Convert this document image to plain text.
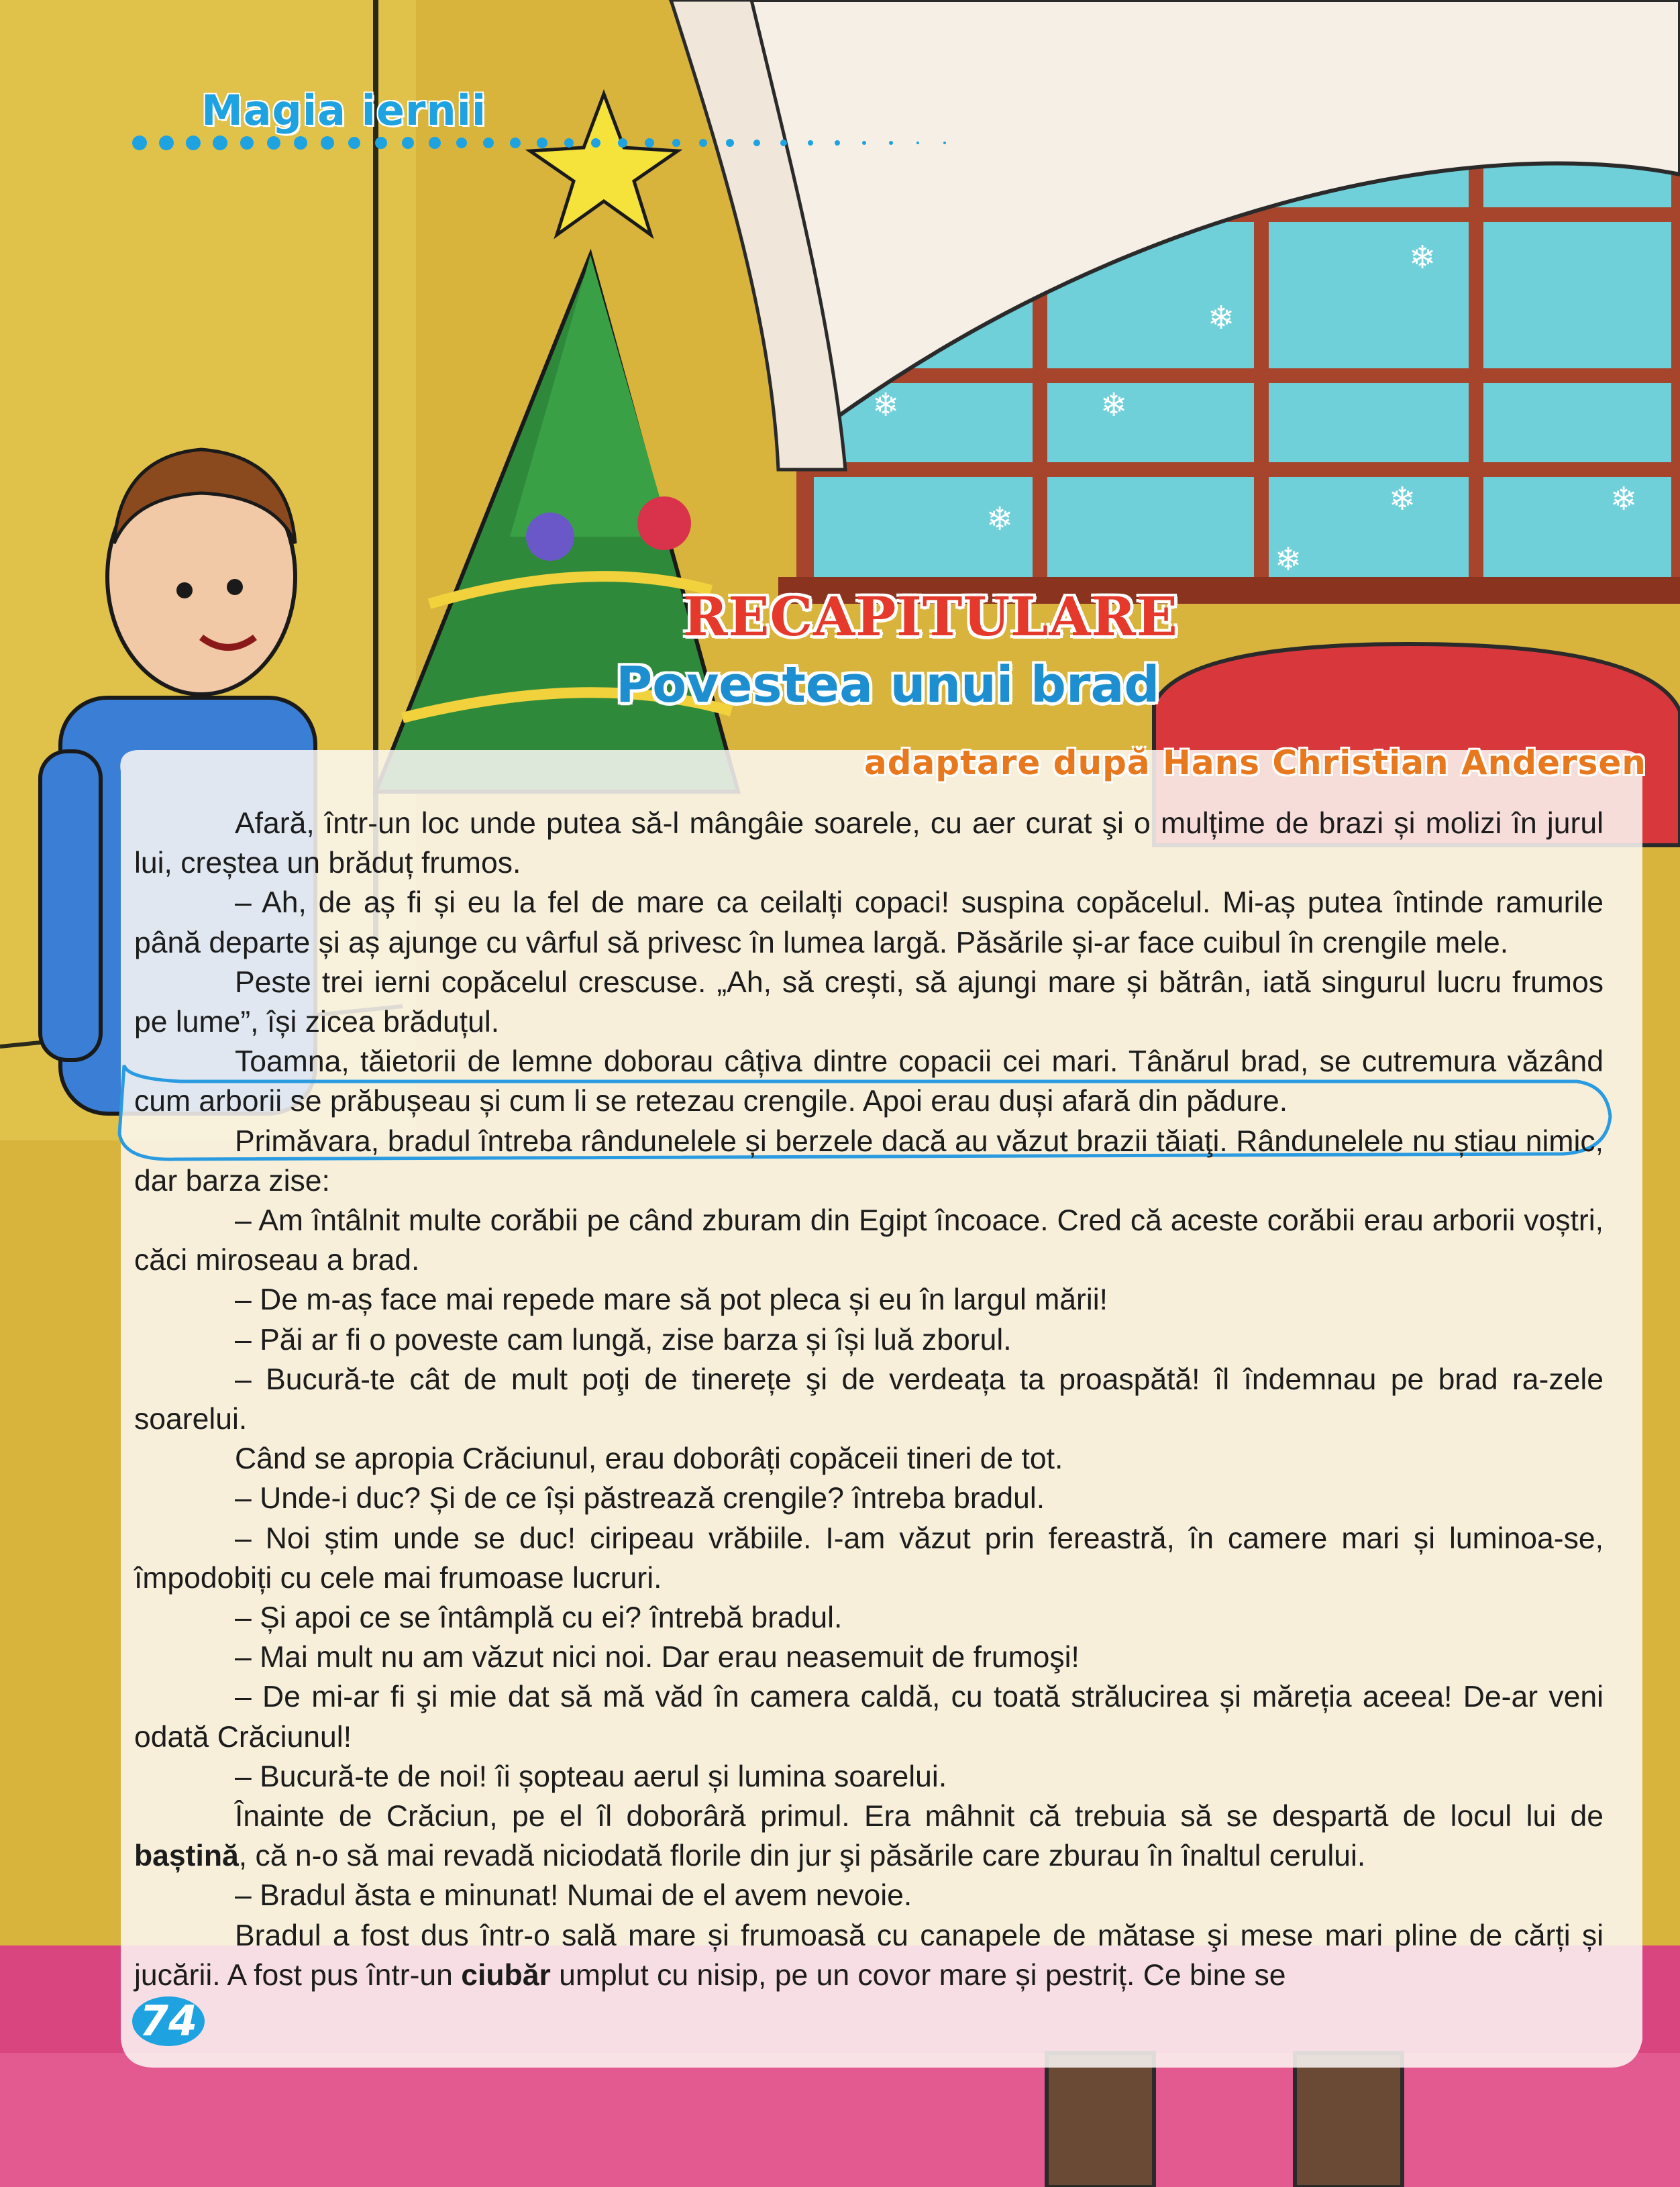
❄
❄
❄	❄
❄	❄
❄
❄
Magia iernii
RECAPITULARE
Povestea unui brad
adaptare după Hans Christian Andersen

Afară, într-un loc unde putea să-l mângâie soarele, cu aer curat şi o mulțime de brazi și molizi în jurul lui, creștea un brăduț frumos.

– Ah, de aș fi și eu la fel de mare ca ceilalți copaci! suspina copăcelul. Mi-aș putea întinde ramurile până departe și aș ajunge cu vârful să privesc în lumea largă. Păsările și-ar face cuibul în crengile mele.

Peste trei ierni copăcelul crescuse. „Ah, să crești, să ajungi mare și bătrân, iată singurul lucru frumos pe lume”, își zicea brăduțul.

Toamna, tăietorii de lemne doborau câțiva dintre copacii cei mari. Tânărul brad, se cutremura văzând cum arborii se prăbușeau și cum li se retezau crengile. Apoi erau duși afară din pădure.

Primăvara, bradul întreba rândunelele și berzele dacă au văzut brazii tăiaţi. Rândunelele nu știau nimic, dar barza zise:

– Am întâlnit multe corăbii pe când zburam din Egipt încoace. Cred că aceste corăbii erau arborii voștri, căci miroseau a brad.

– De m-aș face mai repede mare să pot pleca și eu în largul mării!

– Păi ar fi o poveste cam lungă, zise barza și își luă zborul.

– Bucură-te cât de mult poţi de tinerețe şi de verdeața ta proaspătă! îl îndemnau pe brad ra-zele soarelui.

Când se apropia Crăciunul, erau doborâți copăceii tineri de tot.

– Unde-i duc? Și de ce își păstrează crengile? întreba bradul.

– Noi știm unde se duc! ciripeau vrăbiile. I-am văzut prin fereastră, în camere mari și luminoa-se, împodobiți cu cele mai frumoase lucruri.

– Și apoi ce se întâmplă cu ei? întrebă bradul.

– Mai mult nu am văzut nici noi. Dar erau neasemuit de frumoşi!

– De mi-ar fi şi mie dat să mă văd în camera caldă, cu toată strălucirea și măreția aceea! De-ar veni odată Crăciunul!

– Bucură-te de noi! îi șopteau aerul și lumina soarelui.

Înainte de Crăciun, pe el îl doborâră primul. Era mâhnit că trebuia să se despartă de locul lui de baștină, că n-o să mai revadă niciodată florile din jur şi păsările care zburau în înaltul cerului.

– Bradul ăsta e minunat! Numai de el avem nevoie.

Bradul a fost dus într-o sală mare și frumoasă cu canapele de mătase şi mese mari pline de cărți și jucării. A fost pus într-un ciubăr umplut cu nisip, pe un covor mare și pestriț. Ce bine se

74
